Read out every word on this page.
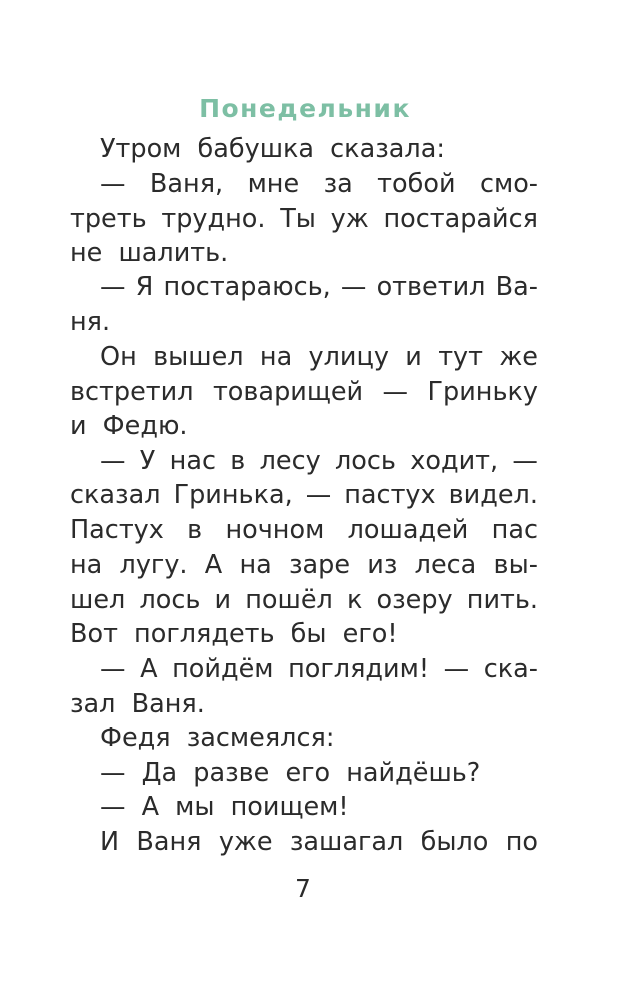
Понедельник
Утром бабушка сказала:
— Ваня, мне за тобой смо-
треть трудно. Ты уж постарайся
не шалить.
— Я постараюсь, — ответил Ва-
ня.
Он вышел на улицу и тут же
встретил товарищей — Гриньку
и Федю.
— У нас в лесу лось ходит, —
сказал Гринька, — пастух видел.
Пастух в ночном лошадей пас
на лугу. А на заре из леса вы-
шел лось и пошёл к озеру пить.
Вот поглядеть бы его!
— А пойдём поглядим! — ска-
зал Ваня.
Федя засмеялся:
— Да разве его найдёшь?
— А мы поищем!
И Ваня уже зашагал было по
7
